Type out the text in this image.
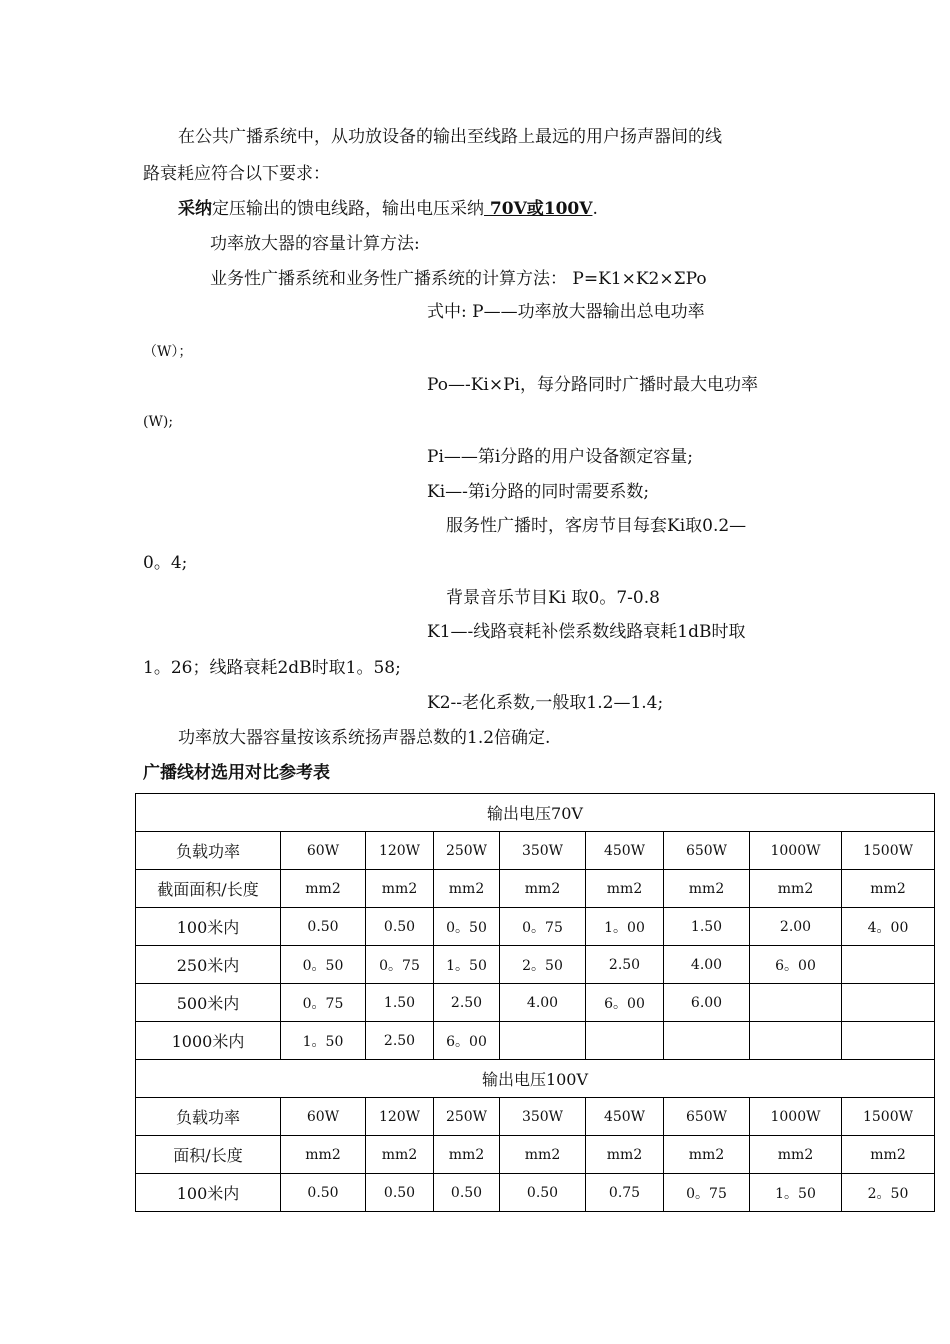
在公共广播系统中，从功放设备的输出至线路上最远的用户扬声器间的线
路衰耗应符合以下要求：
采纳定压输出的馈电线路，输出电压采纳 70V或100V.
功率放大器的容量计算方法:
业务性广播系统和业务性广播系统的计算方法： P=K1×K2×ΣPo
式中: P——功率放大器输出总电功率
（W）；
Po—-Ki×Pi，每分路同时广播时最大电功率
(W);
Pi——第i分路的用户设备额定容量;
Ki—-第i分路的同时需要系数;
服务性广播时，客房节目每套Ki取0.2—
0。4;
背景音乐节目Ki 取0。7-0.8
K1—-线路衰耗补偿系数线路衰耗1dB时取
1。26；线路衰耗2dB时取1。58;
K2--老化系数,一般取1.2—1.4;
功率放大器容量按该系统扬声器总数的1.2倍确定.
广播线材选用对比参考表
输出电压70V								
负载功率	60W	120W	250W	350W	450W	650W	1000W	1500W
截面面积/长度	mm2	mm2	mm2	mm2	mm2	mm2	mm2	mm2
100米内	0.50	0.50	0。50	0。75	1。00	1.50	2.00	4。00
250米内	0。50	0。75	1。50	2。50	2.50	4.00	6。00	
500米内	0。75	1.50	2.50	4.00	6。00	6.00		
1000米内	1。50	2.50	6。00					
输出电压100V								
负载功率	60W	120W	250W	350W	450W	650W	1000W	1500W
面积/长度	mm2	mm2	mm2	mm2	mm2	mm2	mm2	mm2
100米内	0.50	0.50	0.50	0.50	0.75	0。75	1。50	2。50
